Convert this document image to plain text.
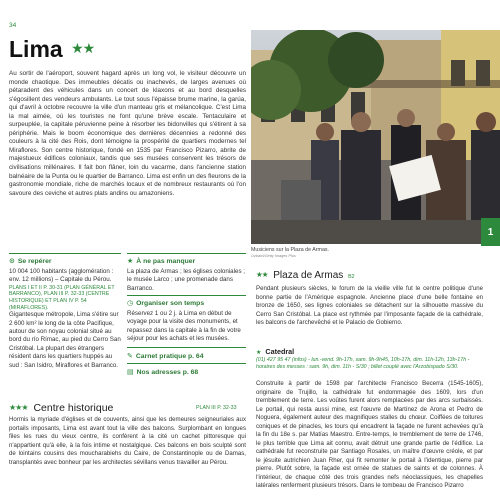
34
Lima ★★
Au sortir de l'aéroport, souvent hagard après un long vol, le visiteur découvre un monde chaotique. Des immeubles décatis ou inachevés, de larges avenues où pétaradent des véhicules dans un concert de klaxons et au bord desquelles s'égosillent des vendeurs ambulants. Le tout sous l'épaisse brume marine, la garúa, qui d'avril à octobre recouvre la ville d'un manteau gris et mélancolique. C'est Lima la mal aimée, où les touristes ne font qu'une brève escale. Tentaculaire et surpeuplée, la capitale péruvienne peine à résorber les bidonvilles qui s'étirent à sa périphérie. Mais le boom économique des dernières décennies a redonné des couleurs à la cité des Rois, dont témoigne la prospérité de quartiers modernes tel Miraflores. Son centre historique, fondé en 1535 par Francisco Pizarro, abrite de majestueux édifices coloniaux, tandis que ses musées conservent les trésors de civilisations millénaires. Il fait bon flâner, loin du vacarme, dans l'ancienne station balnéaire de la Punta ou le quartier de Barranco. Lima est enfin un des fleurons de la gastronomie mondiale, riche de marchés locaux et de nombreux restaurants où l'on savoure des ceviche et autres plats andins ou amazoniens.
Musiciens sur la Plaza de Armas.
Ozbalci/Getty Images Plus
1
⊙ Se repérer
10 004 100 habitants (agglomération : env. 12 millions) – Capitale du Pérou.
PLANS I ET II P. 30-31 (PLAN GÉNÉRAL ET BARRANCO), PLAN III P. 32-33 (CENTRE HISTORIQUE) ET PLAN IV P. 54 (MIRAFLORES).
Gigantesque métropole, Lima s'étire sur 2 600 km² le long de la côte Pacifique, autour de son noyau colonial situé au bord du río Rímac, au pied du Cerro San Cristóbal. La plupart des étrangers résident dans les quartiers huppés au sud : San Isidro, Miraflores et Barranco.
★ À ne pas manquer
La plaza de Armas ; les églises coloniales ; le musée Larco ; une promenade dans Barranco.
◷ Organiser son temps
Réservez 1 ou 2 j. à Lima en début de voyage pour la visite des monuments, et repassez dans la capitale à la fin de votre séjour pour les achats et les musées.
✎ Carnet pratique p. 64
▤ Nos adresses p. 68
★★★ Centre historique	PLAN III P. 32-33
Hormis la myriade d'églises et de couvents, ainsi que les demeures seigneuriales aux portails imposants, Lima est avant tout la ville des balcons. Surplombant en longues files les rues du vieux centre, ils confèrent à la cité un cachet pittoresque qui n'appartient qu'à elle, à la fois intime et nostalgique. Ces balcons en bois sculpté sont de lointains cousins des moucharabiehs du Caire, de Constantinople ou de Damas, transplantés avec bonheur par les architectes sévillans venus travailler au Pérou.
★★ Plaza de Armas B2
Pendant plusieurs siècles, le forum de la vieille ville fut le centre politique d'une bonne partie de l'Amérique espagnole. Ancienne place d'une belle fontaine en bronze de 1650, ses lignes coloniales se détachent sur la silhouette massive du Cerro San Cristóbal. La place est rythmée par l'imposante façade de la cathédrale, les balcons de l'archevêché et le Palacio de Gobierno.
★ Catedral
(01) 427 95 47 (infos) - lun.-vend. 9h-17h, sam. 9h-9h45, 10h-17h, dim. 11h-12h, 13h-17h - horaires des messes : sam. 9h, dim. 11h - S/30 ; billet couplé avec l'Arzobispado S/30.
Construite à partir de 1598 par l'architecte Francisco Becerra (1545-1605), originaire de Trujillo, la cathédrale fut endommagée des 1609, lors d'un tremblement de terre. Les voûtes furent alors remplacées par des arcs surbaissés. Le portail, qui resta aussi mine, est l'œuvre de Martínez de Arona et Pedro de Noguera, également auteur des magnifiques stalles du chœur. Coiffées de toitures coniques et de pinacles, les tours qui encadrent la façade ne furent achevées qu'à la fin du 18e s. par Matías Maestro. Entre-temps, le tremblement de terre de 1746, le plus terrible que Lima ait connu, avait détruit une grande partie de l'édifice. La cathédrale fut reconstruite par Santiago Rosales, un maître d'œuvre créole, et par le jésuite autrichien Juan Rher, qui fit remonter le portail à l'identique, pierre par pierre. Plutôt sobre, la façade est ornée de statues de saints et de colonnes. À l'intérieur, de chaque côté des trois grandes nefs néoclassiques, les chapelles latérales renferment plusieurs trésors. Dans le tombeau de Francisco Pizarro
